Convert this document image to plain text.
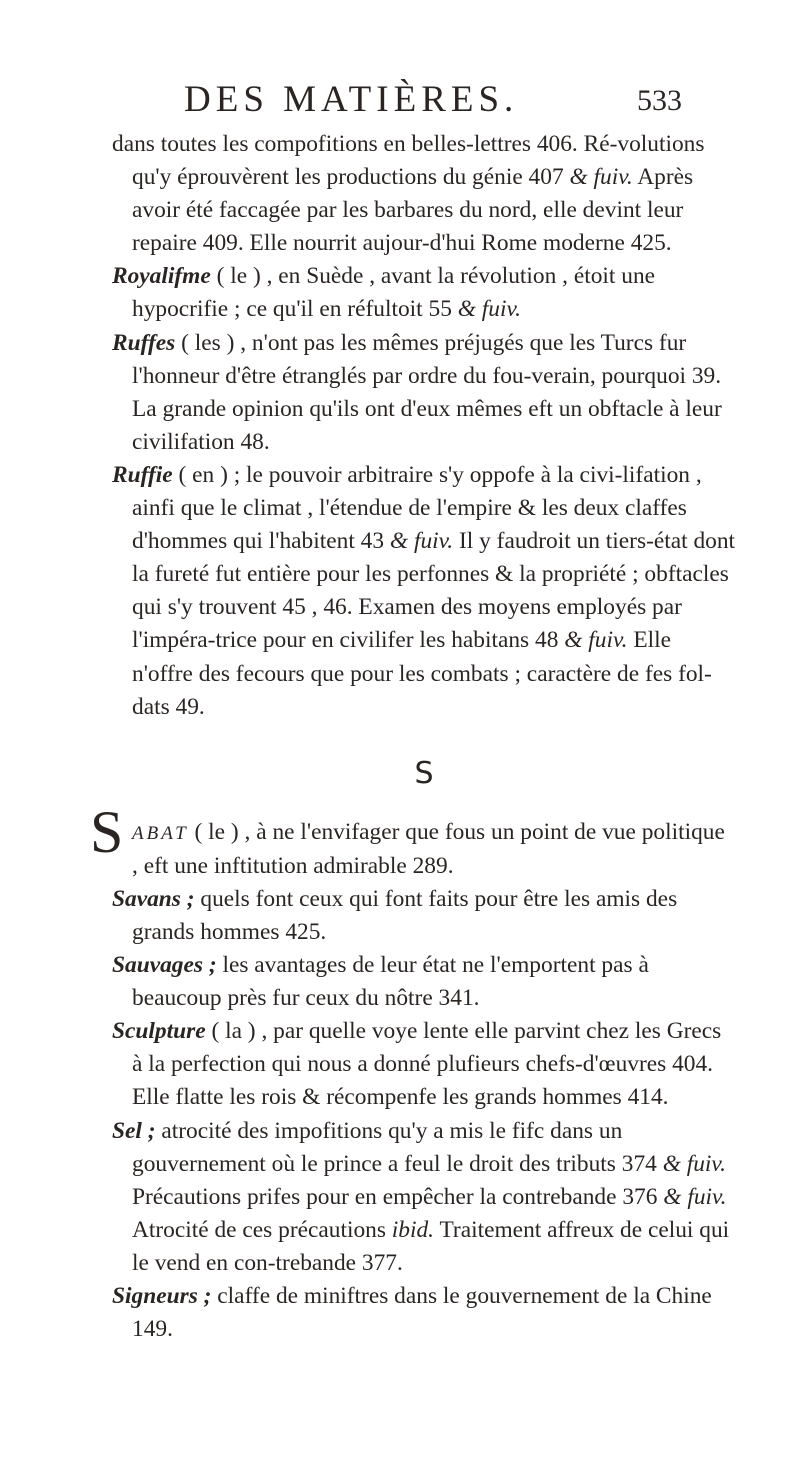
DES MATIÈRES.	533

dans toutes les compofitions en belles-lettres 406. Ré-volutions qu'y éprouvèrent les productions du génie 407 & fuiv. Après avoir été faccagée par les barbares du nord, elle devint leur repaire 409. Elle nourrit aujour-d'hui Rome moderne 425.

Royalifme ( le ) , en Suède , avant la révolution , étoit une hypocrifie ; ce qu'il en réfultoit 55 & fuiv.

Ruffes ( les ) , n'ont pas les mêmes préjugés que les Turcs fur l'honneur d'être étranglés par ordre du fou-verain, pourquoi 39. La grande opinion qu'ils ont d'eux mêmes eft un obftacle à leur civilifation 48.

Ruffie ( en ) ; le pouvoir arbitraire s'y oppofe à la civi-lifation , ainfi que le climat , l'étendue de l'empire & les deux claffes d'hommes qui l'habitent 43 & fuiv. Il y faudroit un tiers-état dont la fureté fut entière pour les perfonnes & la propriété ; obftacles qui s'y trouvent 45 , 46. Examen des moyens employés par l'impéra-trice pour en civilifer les habitans 48 & fuiv. Elle n'offre des fecours que pour les combats ; caractère de fes fol-dats 49.

S

S ABAT ( le ) , à ne l'envifager que fous un point de vue politique , eft une inftitution admirable 289.

Savans ; quels font ceux qui font faits pour être les amis des grands hommes 425.

Sauvages ; les avantages de leur état ne l'emportent pas à beaucoup près fur ceux du nôtre 341.

Sculpture ( la ) , par quelle voye lente elle parvint chez les Grecs à la perfection qui nous a donné plufieurs chefs-d'œuvres 404. Elle flatte les rois & récompenfe les grands hommes 414.

Sel ; atrocité des impofitions qu'y a mis le fifc dans un gouvernement où le prince a feul le droit des tributs 374 & fuiv. Précautions prifes pour en empêcher la contrebande 376 & fuiv. Atrocité de ces précautions ibid. Traitement affreux de celui qui le vend en con-trebande 377.

Signeurs ; claffe de miniftres dans le gouvernement de la Chine 149.
